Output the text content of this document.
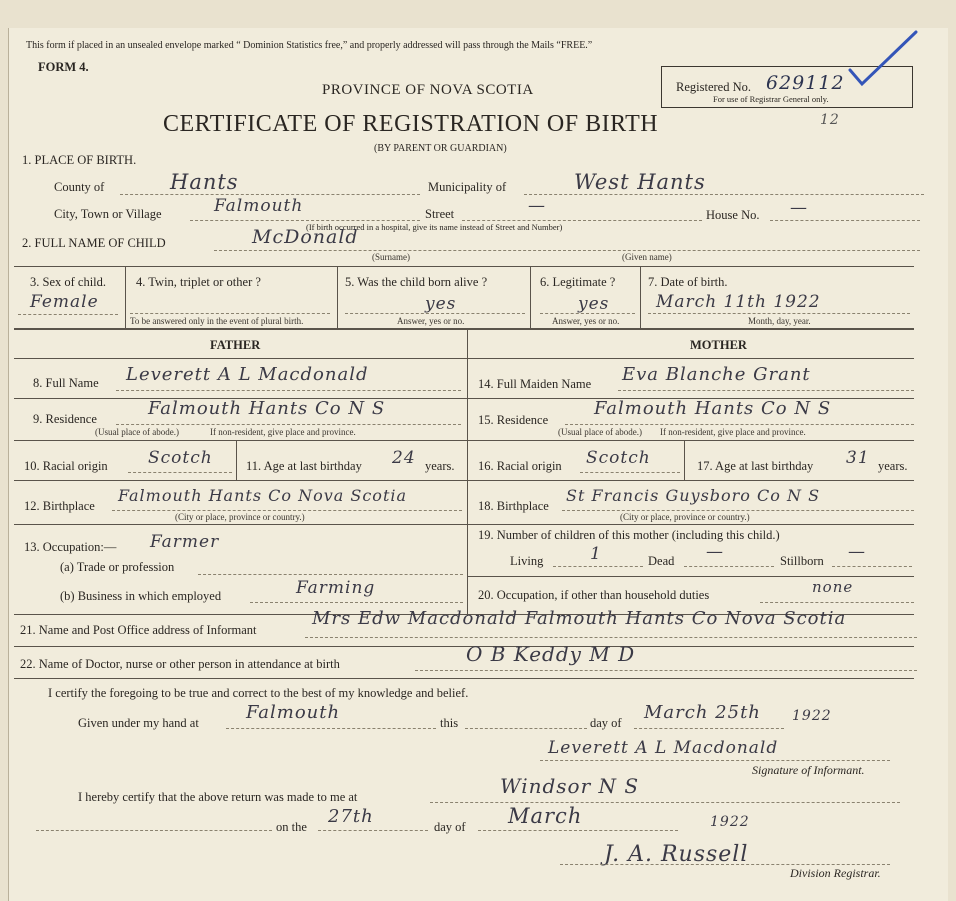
This form if placed in an unsealed envelope marked “ Dominion Statistics free,” and properly addressed will pass through the Mails “FREE.”
FORM 4.
PROVINCE OF NOVA SCOTIA
CERTIFICATE OF REGISTRATION OF BIRTH
(BY PARENT OR GUARDIAN)
12
Registered No. 629112
For use of Registrar General only.
1. PLACE OF BIRTH.
County of	Hants	Municipality of	West Hants
City, Town or Village	Falmouth	Street	—	House No. —
(If birth occurred in a hospital, give its name instead of Street and Number)
2. FULL NAME OF CHILD	McDonald
(Surname)	(Given name)
3. Sex of child.
Female
4. Twin, triplet or other ?
To be answered only in the event of plural birth.
5. Was the child born alive ?
yes
Answer, yes or no.
6. Legitimate ?
yes
Answer, yes or no.
7. Date of birth.
March 11th 1922
Month, day, year.
FATHER	MOTHER
8. Full Name Leverett A L Macdonald
9. Residence	Falmouth Hants Co N S
(Usual place of abode.)	If non-resident, give place and province.
10. Racial origin Scotch	11. Age at last birthday 24 years.
12. Birthplace
Falmouth Hants Co Nova Scotia
(City or place, province or country.)
13. Occupation:— Farmer
(a) Trade or profession
(b) Business in which employed	Farming
14. Full Maiden Name Eva Blanche Grant
15. Residence
Falmouth Hants Co N S
(Usual place of abode.) If non-resident, give place and province.
16. Racial origin Scotch	17. Age at last birthday 31 years.
18. Birthplace
St Francis Guysboro Co N S
(City or place, province or country.)
19. Number of children of this mother (including this child.)
Living	1	Dead —	Stillborn —
20. Occupation, if other than household duties	none
21. Name and Post Office address of Informant
Mrs Edw Macdonald Falmouth Hants Co Nova Scotia
22. Name of Doctor, nurse or other person in attendance at birth	O B Keddy M D
I certify the foregoing to be true and correct to the best of my knowledge and belief.
Given under my hand at	Falmouth	this	day of March 25th 1922
Leverett A L Macdonald
Signature of Informant.
I hereby certify that the above return was made to me at	Windsor N S
on the 27th	day of March	1922
J. A. Russell
Division Registrar.
